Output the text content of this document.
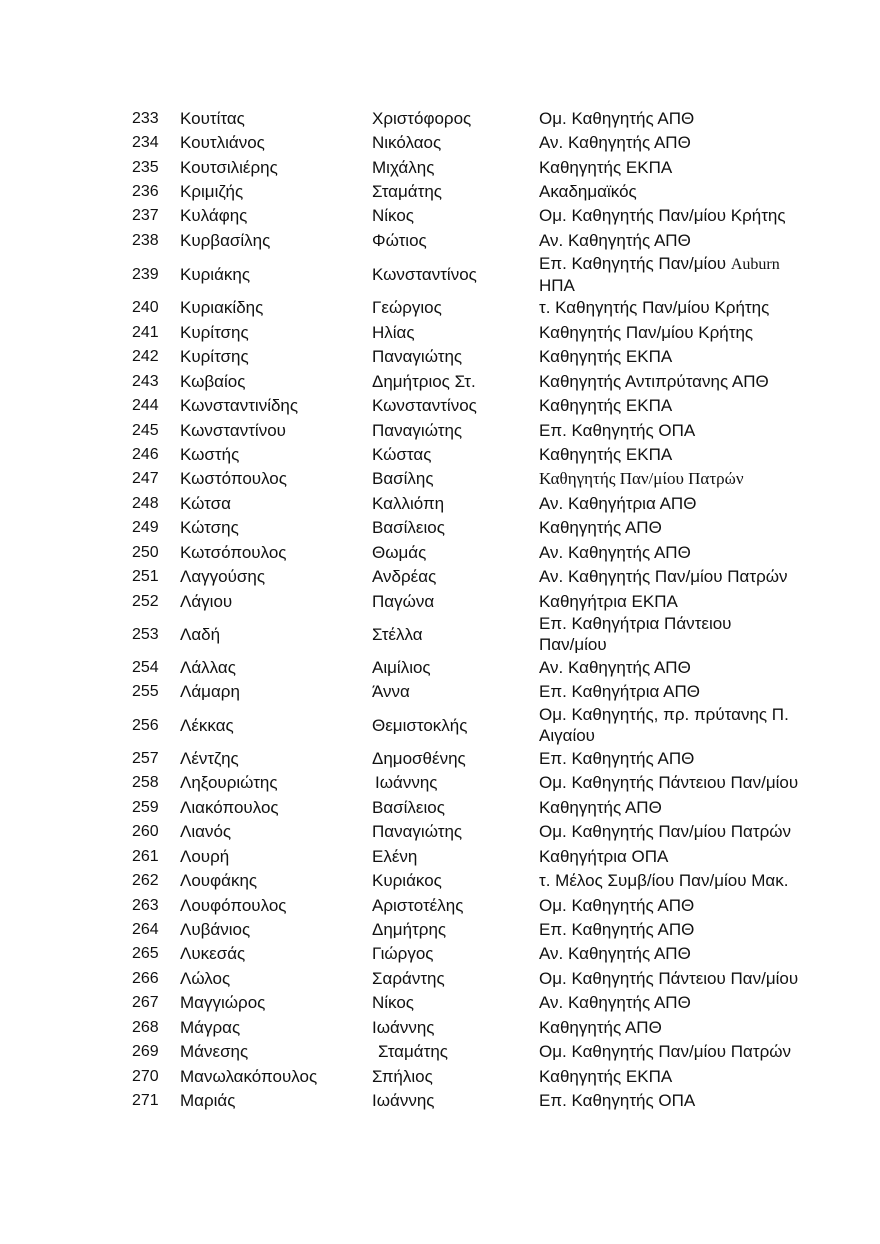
233	Κουτίτας	Χριστόφορος	Ομ. Καθηγητής ΑΠΘ
234	Κουτλιάνος	Νικόλαος	Αν. Καθηγητής ΑΠΘ
235	Κουτσιλιέρης	Μιχάλης	Καθηγητής ΕΚΠΑ
236	Κριμιζής	Σταμάτης	Ακαδημαϊκός
237	Κυλάφης	Νίκος	Ομ. Καθηγητής Παν/μίου Κρήτης
238	Κυρβασίλης	Φώτιος	Αν. Καθηγητής ΑΠΘ
239	Κυριάκης	Κωνσταντίνος	Επ. Καθηγητής Παν/μίου Auburn
ΗΠΑ
240	Κυριακίδης	Γεώργιος	τ. Καθηγητής Παν/μίου Κρήτης
241	Κυρίτσης	Ηλίας	Καθηγητής Παν/μίου Κρήτης
242	Κυρίτσης	Παναγιώτης	Καθηγητής ΕΚΠΑ
243	Κωβαίος	Δημήτριος Στ.	Καθηγητής Αντιπρύτανης ΑΠΘ
244	Κωνσταντινίδης	Κωνσταντίνος	Καθηγητής ΕΚΠΑ
245	Κωνσταντίνου	Παναγιώτης	Επ. Καθηγητής ΟΠΑ
246	Κωστής	Κώστας	Καθηγητής ΕΚΠΑ
247	Κωστόπουλος	Βασίλης	Καθηγητής Παν/μίου Πατρών
248	Κώτσα	Καλλιόπη	Αν. Καθηγήτρια ΑΠΘ
249	Κώτσης	Βασίλειος	Καθηγητής ΑΠΘ
250	Κωτσόπουλος	Θωμάς	Αν. Καθηγητής ΑΠΘ
251	Λαγγούσης	Ανδρέας	Αν. Καθηγητής Παν/μίου Πατρών
252	Λάγιου	Παγώνα	Καθηγήτρια ΕΚΠΑ
253	Λαδή	Στέλλα	Επ. Καθηγήτρια Πάντειου
Παν/μίου
254	Λάλλας	Αιμίλιος	Αν. Καθηγητής ΑΠΘ
255	Λάμαρη	Άννα	Επ. Καθηγήτρια ΑΠΘ
256	Λέκκας	Θεμιστοκλής	Ομ. Καθηγητής, πρ. πρύτανης Π.
Αιγαίου
257	Λέντζης	Δημοσθένης	Επ. Καθηγητής ΑΠΘ
258	Ληξουριώτης	Ιωάννης	Ομ. Καθηγητής Πάντειου Παν/μίου
259	Λιακόπουλος	Βασίλειος	Καθηγητής ΑΠΘ
260	Λιανός	Παναγιώτης	Ομ. Καθηγητής Παν/μίου Πατρών
261	Λουρή	Ελένη	Καθηγήτρια ΟΠΑ
262	Λουφάκης	Κυριάκος	τ. Μέλος Συμβ/ίου Παν/μίου Μακ.
263	Λουφόπουλος	Αριστοτέλης	Ομ. Καθηγητής ΑΠΘ
264	Λυβάνιος	Δημήτρης	Επ. Καθηγητής ΑΠΘ
265	Λυκεσάς	Γιώργος	Αν. Καθηγητής ΑΠΘ
266	Λώλος	Σαράντης	Ομ. Καθηγητής Πάντειου Παν/μίου
267	Μαγγιώρος	Νίκος	Αν. Καθηγητής ΑΠΘ
268	Μάγρας	Ιωάννης	Καθηγητής ΑΠΘ
269	Μάνεσης	Σταμάτης	Ομ. Καθηγητής Παν/μίου Πατρών
270	Μανωλακόπουλος	Σπήλιος	Καθηγητής ΕΚΠΑ
271	Μαριάς	Ιωάννης	Επ. Καθηγητής ΟΠΑ
